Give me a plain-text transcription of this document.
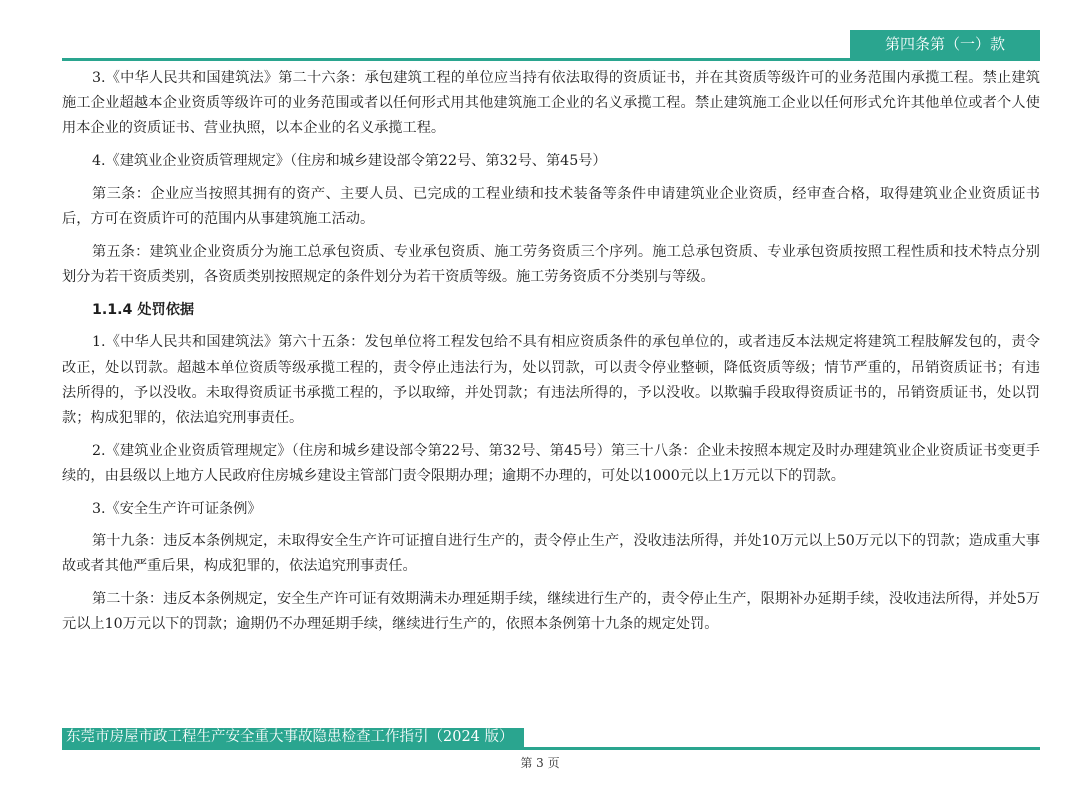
第四条第（一）款

3.《中华人民共和国建筑法》第二十六条：承包建筑工程的单位应当持有依法取得的资质证书，并在其资质等级许可的业务范围内承揽工程。禁止建筑施工企业超越本企业资质等级许可的业务范围或者以任何形式用其他建筑施工企业的名义承揽工程。禁止建筑施工企业以任何形式允许其他单位或者个人使用本企业的资质证书、营业执照，以本企业的名义承揽工程。

4.《建筑业企业资质管理规定》（住房和城乡建设部令第22号、第32号、第45号）

第三条：企业应当按照其拥有的资产、主要人员、已完成的工程业绩和技术装备等条件申请建筑业企业资质，经审查合格，取得建筑业企业资质证书后，方可在资质许可的范围内从事建筑施工活动。

第五条：建筑业企业资质分为施工总承包资质、专业承包资质、施工劳务资质三个序列。施工总承包资质、专业承包资质按照工程性质和技术特点分别划分为若干资质类别，各资质类别按照规定的条件划分为若干资质等级。施工劳务资质不分类别与等级。

1.1.4 处罚依据

1.《中华人民共和国建筑法》第六十五条：发包单位将工程发包给不具有相应资质条件的承包单位的，或者违反本法规定将建筑工程肢解发包的，责令改正，处以罚款。超越本单位资质等级承揽工程的，责令停止违法行为，处以罚款，可以责令停业整顿，降低资质等级；情节严重的，吊销资质证书；有违法所得的，予以没收。未取得资质证书承揽工程的，予以取缔，并处罚款；有违法所得的，予以没收。以欺骗手段取得资质证书的，吊销资质证书，处以罚款；构成犯罪的，依法追究刑事责任。

2.《建筑业企业资质管理规定》（住房和城乡建设部令第22号、第32号、第45号）第三十八条：企业未按照本规定及时办理建筑业企业资质证书变更手续的，由县级以上地方人民政府住房城乡建设主管部门责令限期办理；逾期不办理的，可处以1000元以上1万元以下的罚款。

3.《安全生产许可证条例》

第十九条：违反本条例规定，未取得安全生产许可证擅自进行生产的，责令停止生产，没收违法所得，并处10万元以上50万元以下的罚款；造成重大事故或者其他严重后果，构成犯罪的，依法追究刑事责任。

第二十条：违反本条例规定，安全生产许可证有效期满未办理延期手续，继续进行生产的，责令停止生产，限期补办延期手续，没收违法所得，并处5万元以上10万元以下的罚款；逾期仍不办理延期手续，继续进行生产的，依照本条例第十九条的规定处罚。

东莞市房屋市政工程生产安全重大事故隐患检查工作指引（2024 版）
第 3 页
